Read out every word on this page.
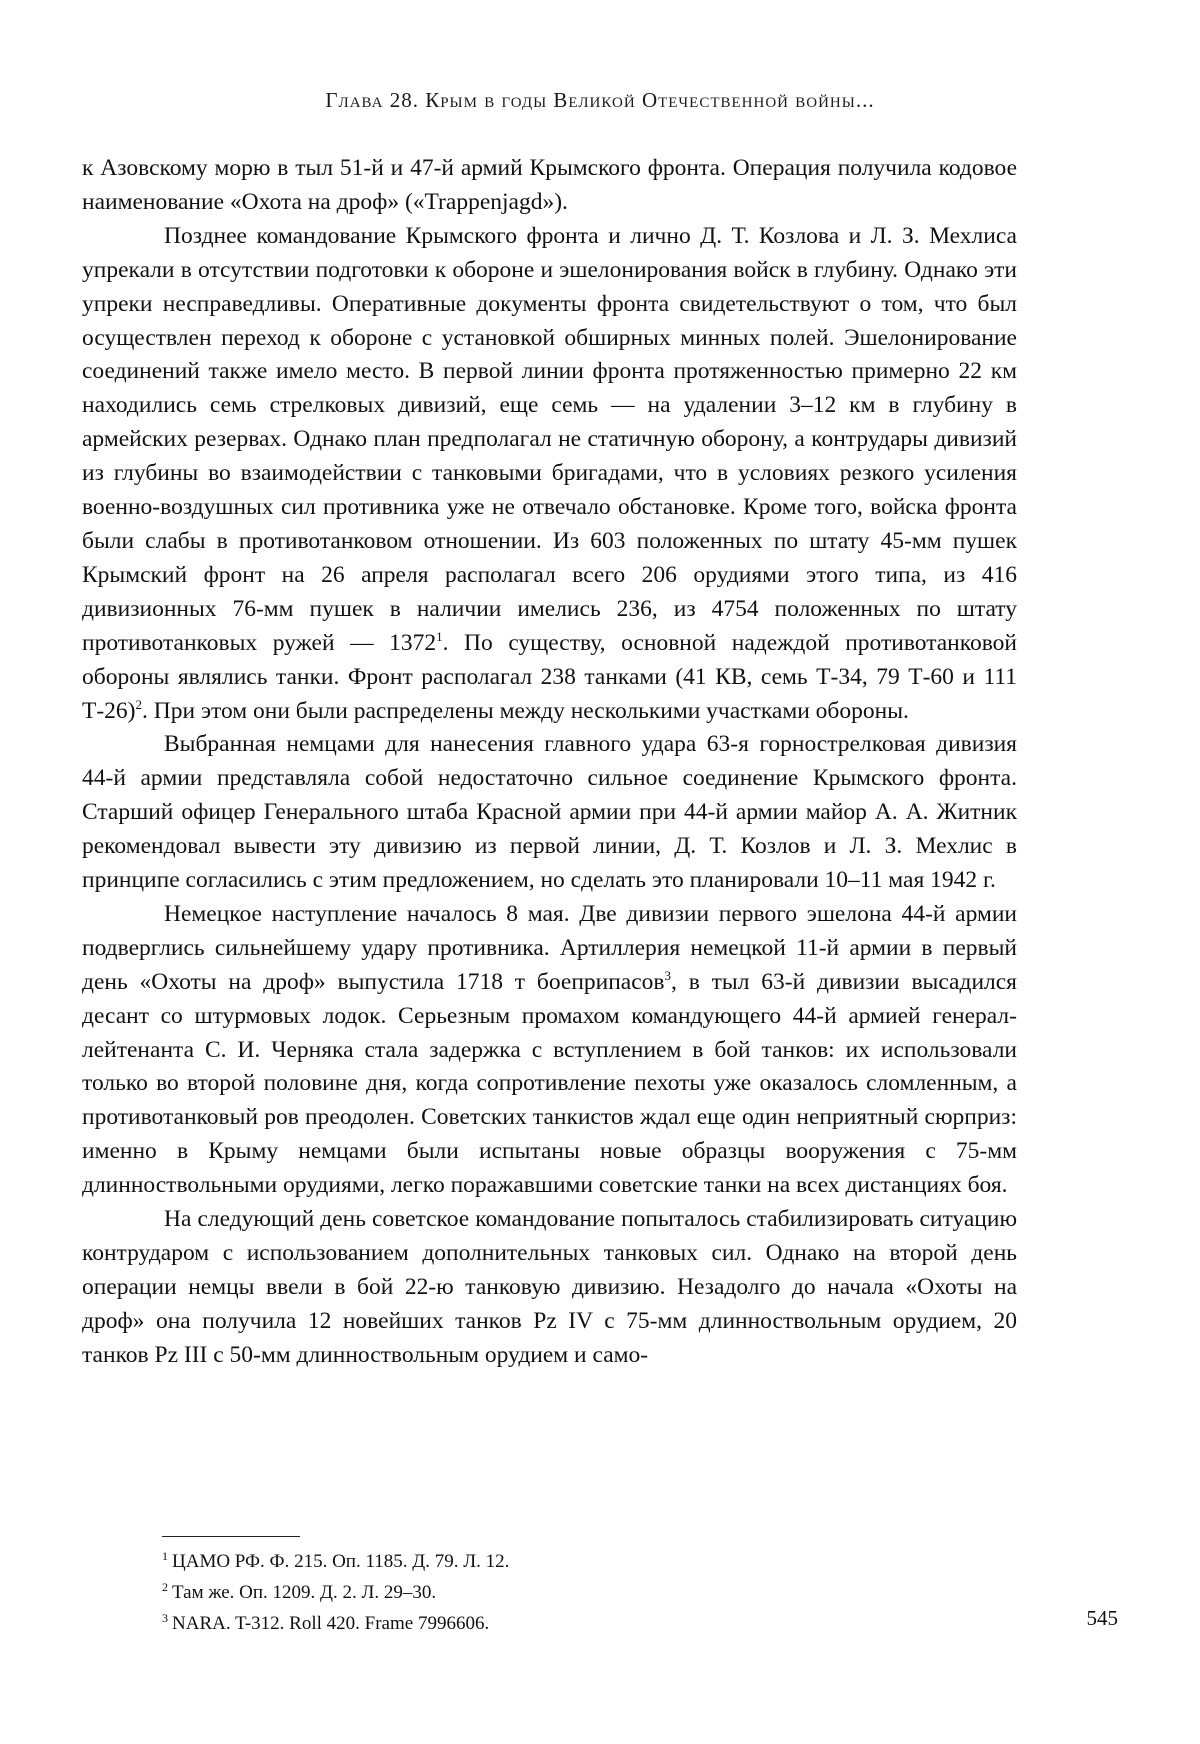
Глава 28. Крым в годы Великой Отечественной войны...

к Азовскому морю в тыл 51-й и 47-й армий Крымского фронта. Операция получила кодовое наименование «Охота на дроф» («Trappenjagd»).

Позднее командование Крымского фронта и лично Д. Т. Козлова и Л. З. Мехлиса упрекали в отсутствии подготовки к обороне и эшелонирования войск в глубину. Однако эти упреки несправедливы. Оперативные документы фронта свидетельствуют о том, что был осуществлен переход к обороне с установкой обширных минных полей. Эшелонирование соединений также имело место. В первой линии фронта протяженностью примерно 22 км находились семь стрелковых дивизий, еще семь — на удалении 3–12 км в глубину в армейских резервах. Однако план предполагал не статичную оборону, а контрудары дивизий из глубины во взаимодействии с танковыми бригадами, что в условиях резкого усиления военно-воздушных сил противника уже не отвечало обстановке. Кроме того, войска фронта были слабы в противотанковом отношении. Из 603 положенных по штату 45-мм пушек Крымский фронт на 26 апреля располагал всего 206 орудиями этого типа, из 416 дивизионных 76-мм пушек в наличии имелись 236, из 4754 положенных по штату противотанковых ружей — 1372$^1$. По существу, основной надеждой противотанковой обороны являлись танки. Фронт располагал 238 танками (41 КВ, семь Т-34, 79 Т-60 и 111 Т-26)$^2$. При этом они были распределены между несколькими участками обороны.

Выбранная немцами для нанесения главного удара 63-я горнострелковая дивизия 44-й армии представляла собой недостаточно сильное соединение Крымского фронта. Старший офицер Генерального штаба Красной армии при 44-й армии майор А. А. Житник рекомендовал вывести эту дивизию из первой линии, Д. Т. Козлов и Л. З. Мехлис в принципе согласились с этим предложением, но сделать это планировали 10–11 мая 1942 г.

Немецкое наступление началось 8 мая. Две дивизии первого эшелона 44-й армии подверглись сильнейшему удару противника. Артиллерия немецкой 11-й армии в первый день «Охоты на дроф» выпустила 1718 т боеприпасов$^3$, в тыл 63-й дивизии высадился десант со штурмовых лодок. Серьезным промахом командующего 44-й армией генерал-лейтенанта С. И. Черняка стала задержка с вступлением в бой танков: их использовали только во второй половине дня, когда сопротивление пехоты уже оказалось сломленным, а противотанковый ров преодолен. Советских танкистов ждал еще один неприятный сюрприз: именно в Крыму немцами были испытаны новые образцы вооружения с 75-мм длинноствольными орудиями, легко поражавшими советские танки на всех дистанциях боя.

На следующий день советское командование попыталось стабилизировать ситуацию контрударом с использованием дополнительных танковых сил. Однако на второй день операции немцы ввели в бой 22-ю танковую дивизию. Незадолго до начала «Охоты на дроф» она получила 12 новейших танков Pz IV с 75-мм длинноствольным орудием, 20 танков Pz III с 50-мм длинноствольным орудием и само-

$^1$ ЦАМО РФ. Ф. 215. Оп. 1185. Д. 79. Л. 12.
$^2$ Там же. Оп. 1209. Д. 2. Л. 29–30.
$^3$ NARA. T-312. Roll 420. Frame 7996606.	545
